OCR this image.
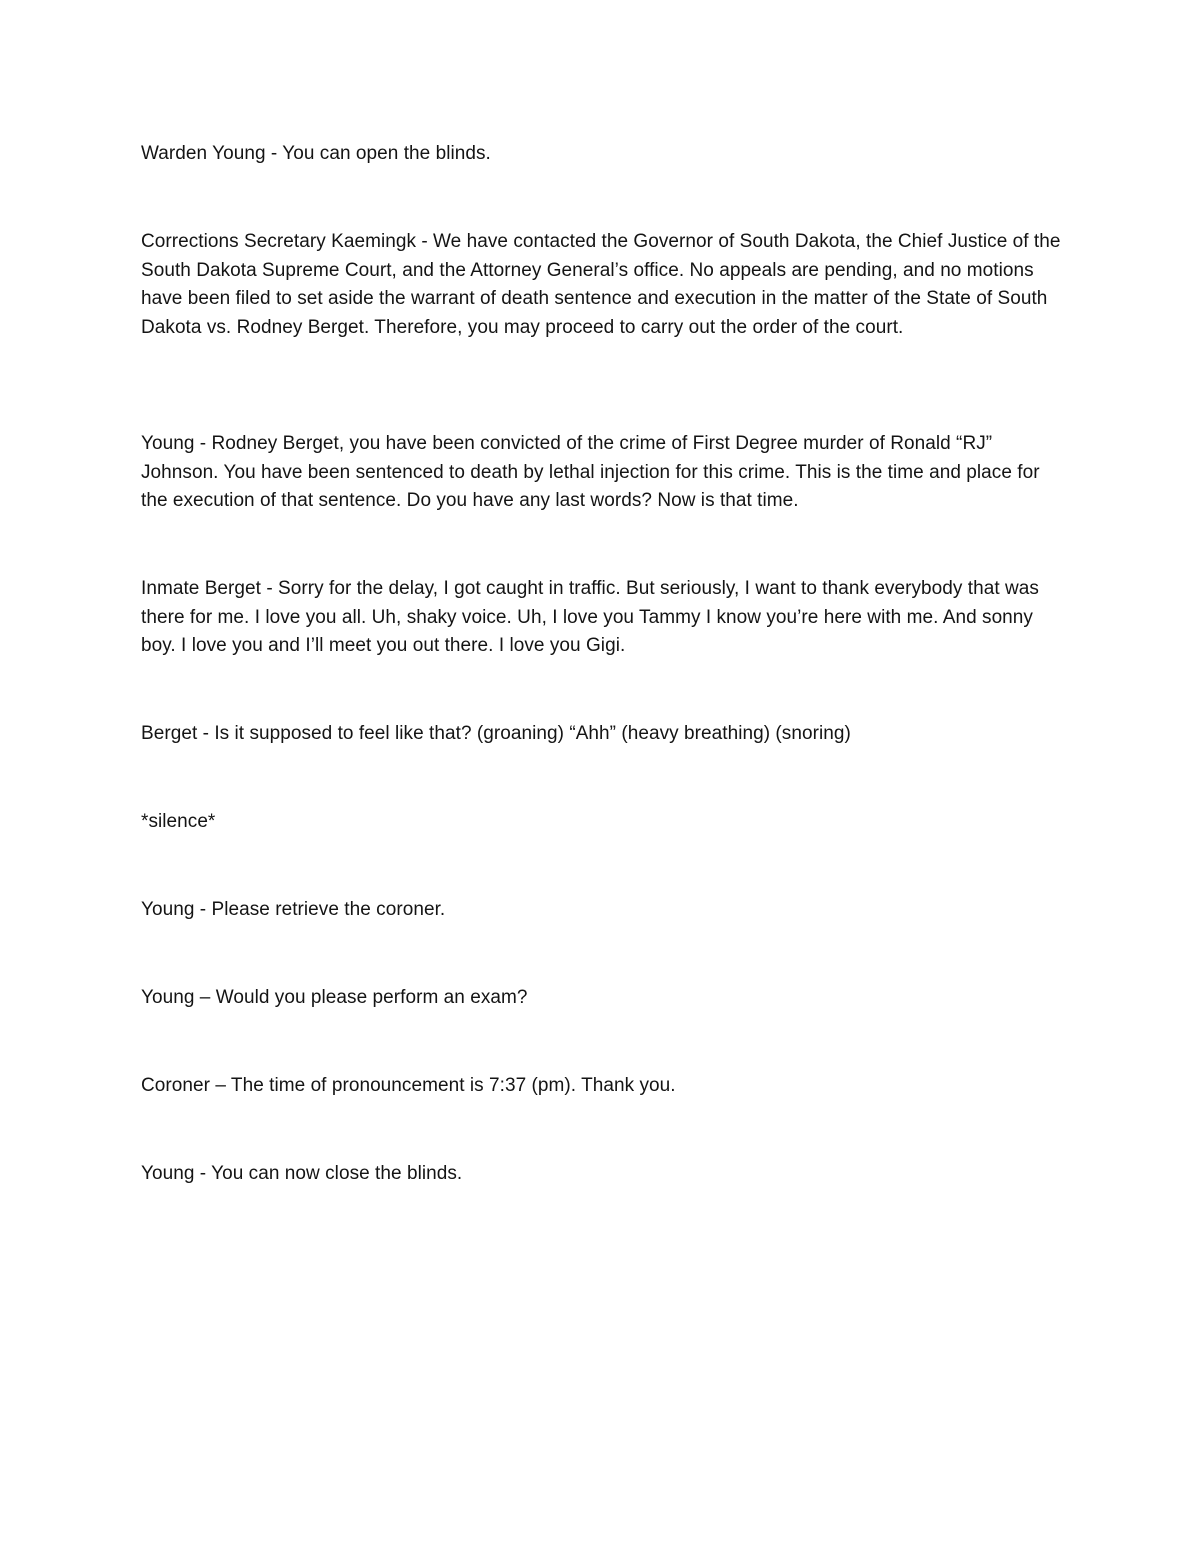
Warden Young - You can open the blinds.

Corrections Secretary Kaemingk - We have contacted the Governor of South Dakota, the Chief Justice of the South Dakota Supreme Court, and the Attorney General’s office. No appeals are pending, and no motions have been filed to set aside the warrant of death sentence and execution in the matter of the State of South Dakota vs. Rodney Berget. Therefore, you may proceed to carry out the order of the court.

Young - Rodney Berget, you have been convicted of the crime of First Degree murder of Ronald “RJ” Johnson. You have been sentenced to death by lethal injection for this crime. This is the time and place for the execution of that sentence. Do you have any last words? Now is that time.

Inmate Berget - Sorry for the delay, I got caught in traffic. But seriously, I want to thank everybody that was there for me. I love you all. Uh, shaky voice. Uh, I love you Tammy I know you’re here with me. And sonny boy. I love you and I’ll meet you out there. I love you Gigi.

Berget - Is it supposed to feel like that? (groaning) “Ahh” (heavy breathing) (snoring)

*silence*

Young - Please retrieve the coroner.

Young – Would you please perform an exam?

Coroner – The time of pronouncement is 7:37 (pm). Thank you.

Young - You can now close the blinds.
